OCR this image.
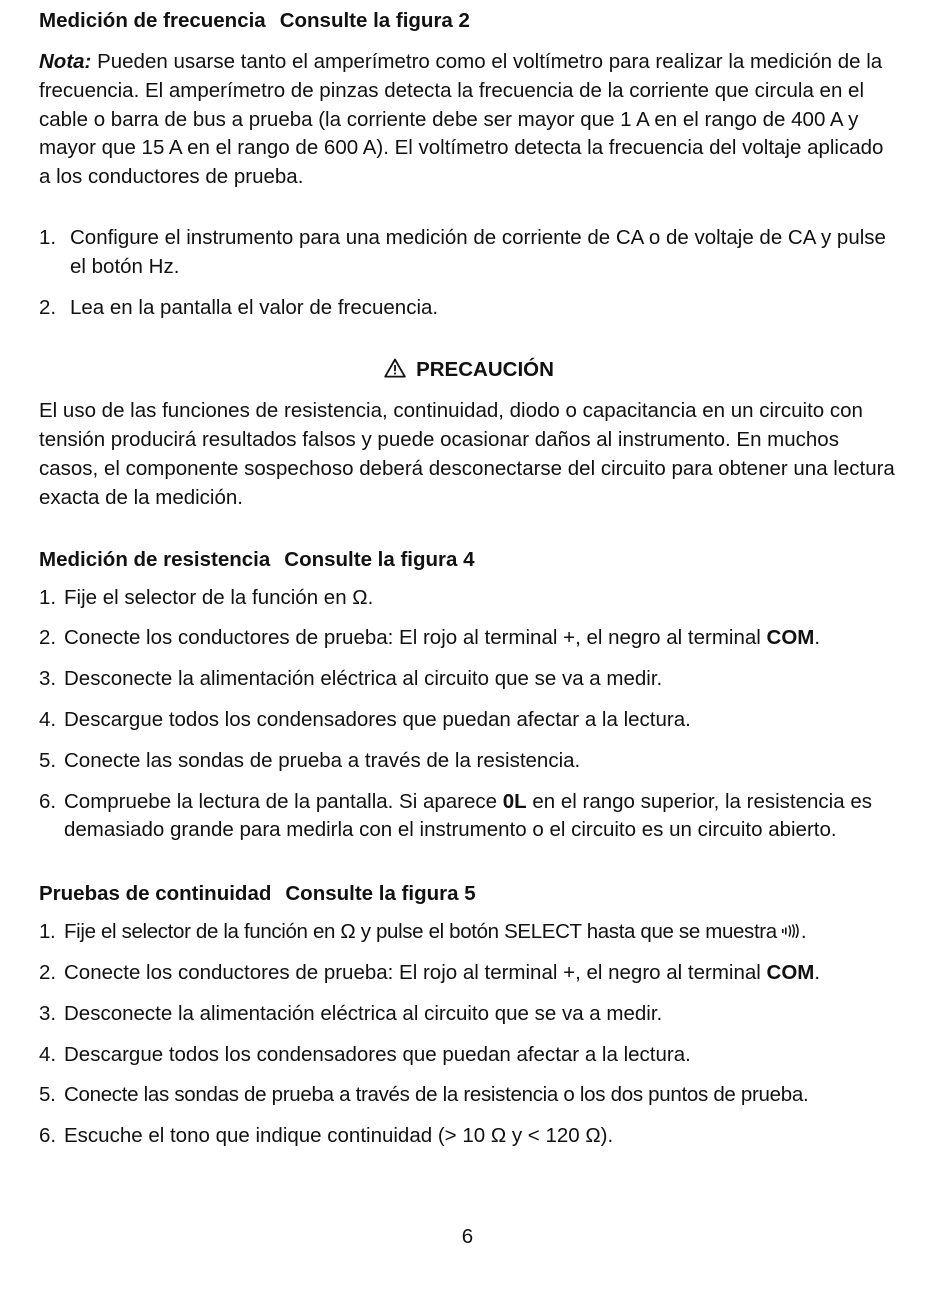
Medición de frecuencia Consulte la figura 2

Nota: Pueden usarse tanto el amperímetro como el voltímetro para realizar la medición de la frecuencia. El amperímetro de pinzas detecta la frecuencia de la corriente que circula en el cable o barra de bus a prueba (la corriente debe ser mayor que 1 A en el rango de 400 A y mayor que 15 A en el rango de 600 A). El voltímetro detecta la frecuencia del voltaje aplicado a los conductores de prueba.

1. Configure el instrumento para una medición de corriente de CA o de voltaje de CA y pulse el botón Hz.
2. Lea en la pantalla el valor de frecuencia.

PRECAUCIÓN

El uso de las funciones de resistencia, continuidad, diodo o capacitancia en un circuito con tensión producirá resultados falsos y puede ocasionar daños al instrumento. En muchos casos, el componente sospechoso deberá desconectarse del circuito para obtener una lectura exacta de la medición.

Medición de resistencia Consulte la figura 4

1. Fije el selector de la función en Ω.
2. Conecte los conductores de prueba: El rojo al terminal +, el negro al terminal COM.
3. Desconecte la alimentación eléctrica al circuito que se va a medir.
4. Descargue todos los condensadores que puedan afectar a la lectura.
5. Conecte las sondas de prueba a través de la resistencia.
6. Compruebe la lectura de la pantalla. Si aparece 0L en el rango superior, la resistencia es demasiado grande para medirla con el instrumento o el circuito es un circuito abierto.

Pruebas de continuidad Consulte la figura 5

1. Fije el selector de la función en Ω y pulse el botón SELECT hasta que se muestra .
2. Conecte los conductores de prueba: El rojo al terminal +, el negro al terminal COM.
3. Desconecte la alimentación eléctrica al circuito que se va a medir.
4. Descargue todos los condensadores que puedan afectar a la lectura.
5. Conecte las sondas de prueba a través de la resistencia o los dos puntos de prueba.
6. Escuche el tono que indique continuidad (> 10 Ω y < 120 Ω).
6
